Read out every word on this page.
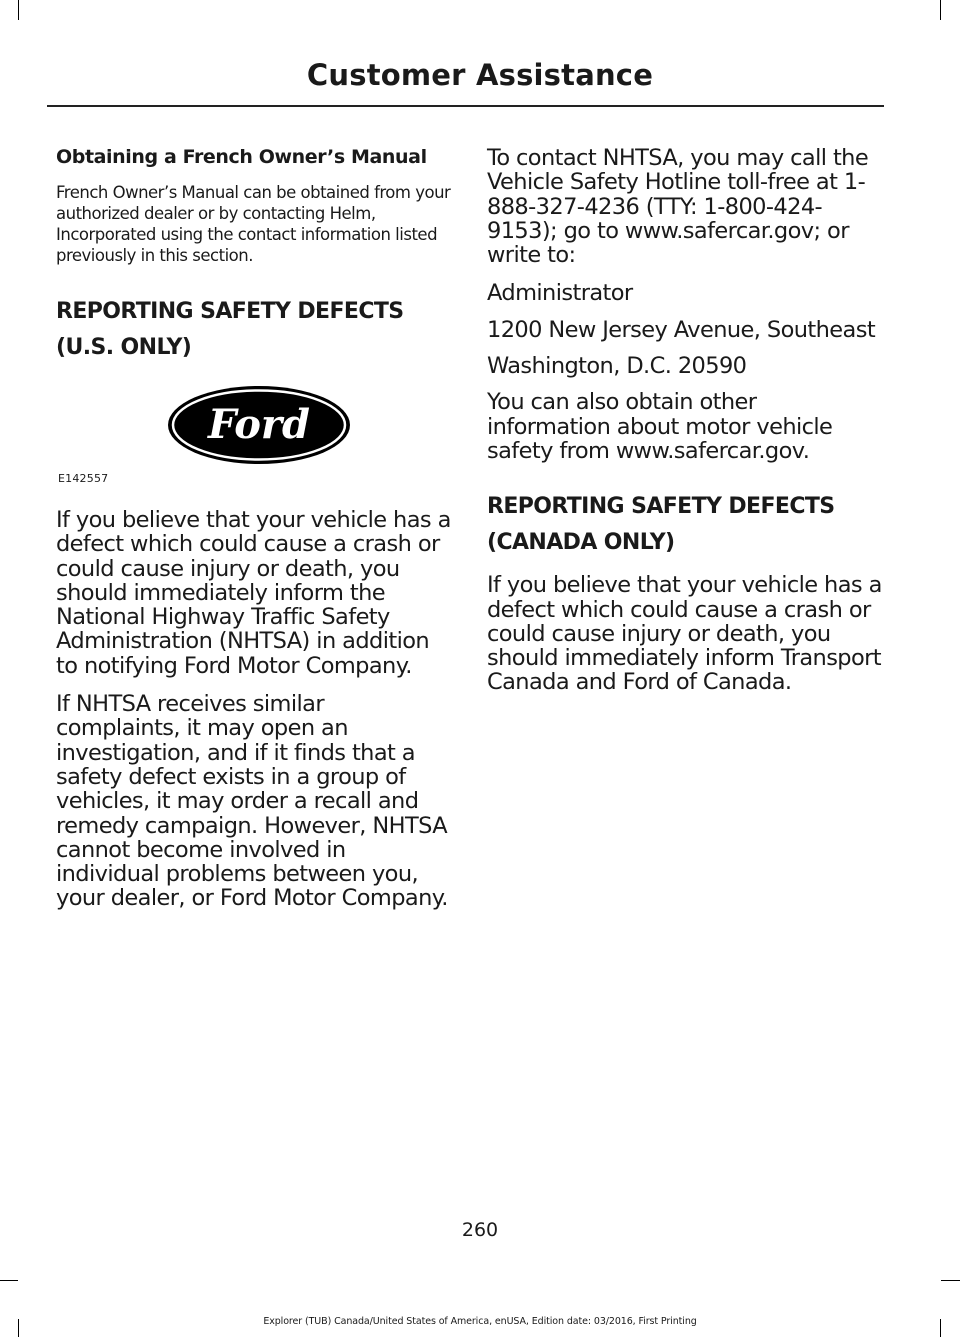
Customer Assistance

Obtaining a French Owner’s Manual

French Owner’s Manual can be obtained from your authorized dealer or by contacting Helm, Incorporated using the contact information listed previously in this section.

REPORTING SAFETY DEFECTS

(U.S. ONLY)

Ford
E142557

If you believe that your vehicle has a defect which could cause a crash or could cause injury or death, you should immediately inform the National Highway Traffic Safety Administration (NHTSA) in addition to notifying Ford Motor Company.

If NHTSA receives similar complaints, it may open an investigation, and if it finds that a safety defect exists in a group of vehicles, it may order a recall and remedy campaign. However, NHTSA cannot become involved in individual problems between you, your dealer, or Ford Motor Company.

To contact NHTSA, you may call the Vehicle Safety Hotline toll-free at 1-888-327-4236 (TTY: 1-800-424-9153); go to www.safercar.gov; or write to:

Administrator

1200 New Jersey Avenue, Southeast

Washington, D.C. 20590

You can also obtain other information about motor vehicle safety from www.safercar.gov.

REPORTING SAFETY DEFECTS

(CANADA ONLY)

If you believe that your vehicle has a defect which could cause a crash or could cause injury or death, you should immediately inform Transport Canada and Ford of Canada.

260
Explorer (TUB) Canada/United States of America, enUSA, Edition date: 03/2016, First Printing
